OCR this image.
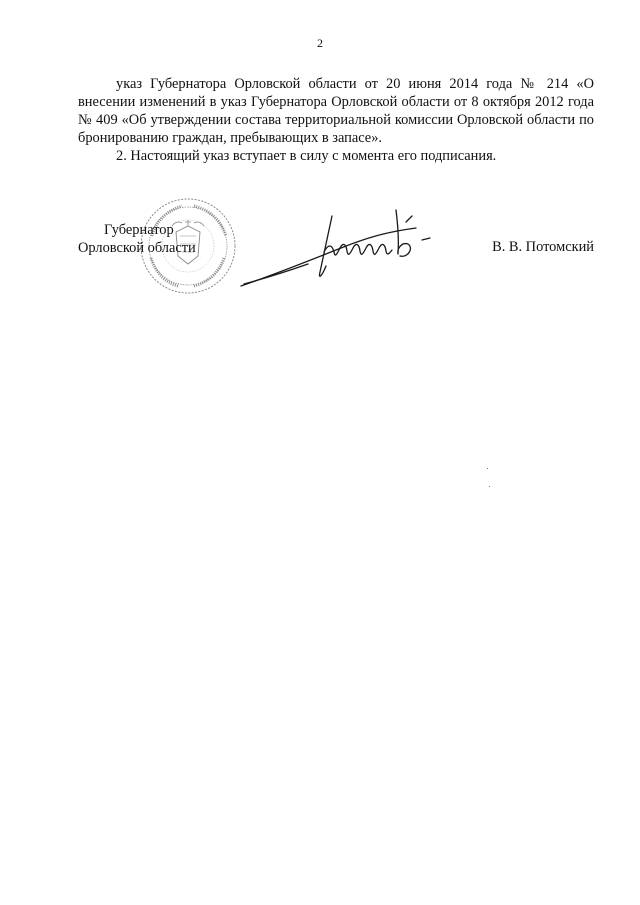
2

указ Губернатора Орловской области от 20 июня 2014 года № 214 «О внесении изменений в указ Губернатора Орловской области от 8 октября 2012 года № 409 «Об утверждении состава территориальной комиссии Орловской области по бронированию граждан, пребывающих в запасе».

2. Настоящий указ вступает в силу с момента его подписания.

Губернатор
Орловской области	В. В. Потомский
